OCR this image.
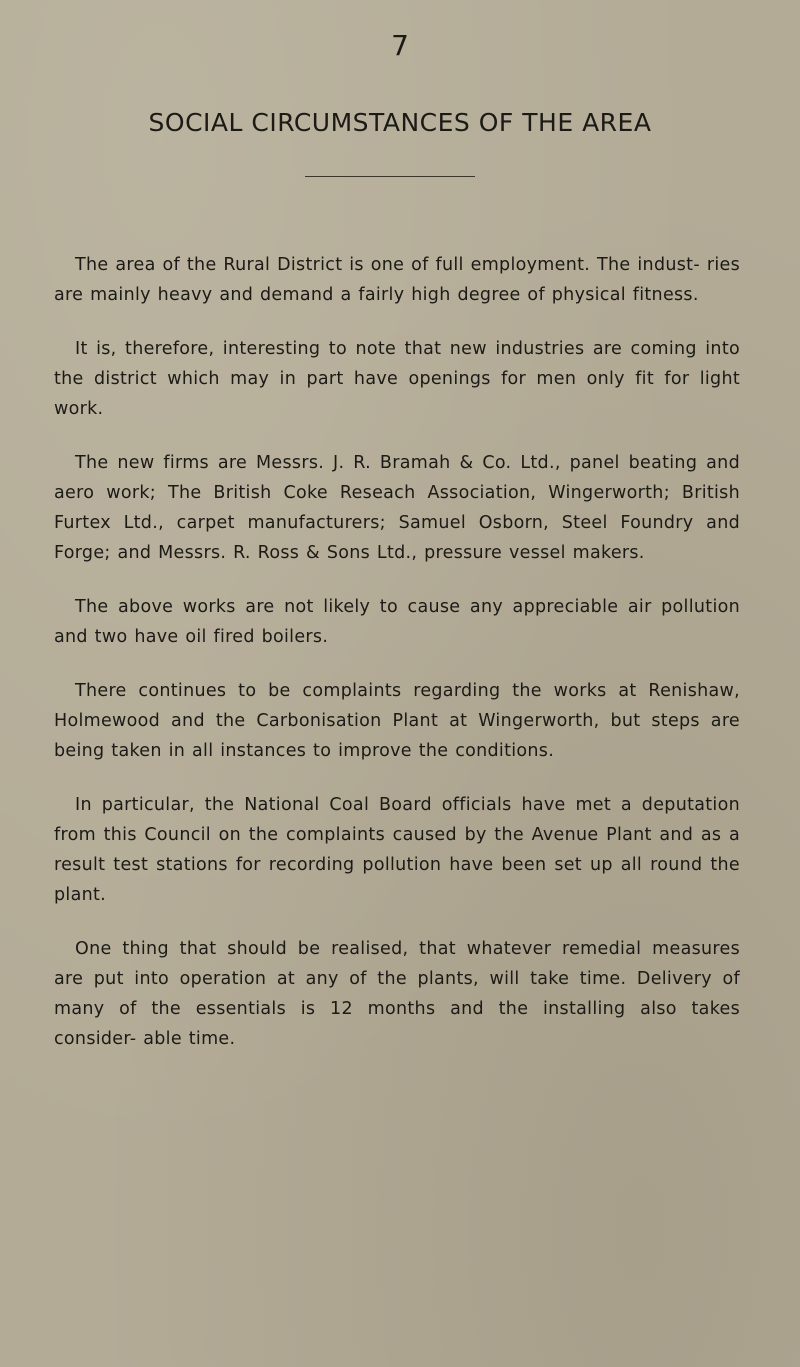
7
SOCIAL CIRCUMSTANCES OF THE AREA

The area of the Rural District is one of full employment. The indust- ries are mainly heavy and demand a fairly high degree of physical fitness.

It is, therefore, interesting to note that new industries are coming into the district which may in part have openings for men only fit for light work.

The new firms are Messrs. J. R. Bramah & Co. Ltd., panel beating and aero work; The British Coke Reseach Association, Wingerworth; British Furtex Ltd., carpet manufacturers; Samuel Osborn, Steel Foundry and Forge; and Messrs. R. Ross & Sons Ltd., pressure vessel makers.

The above works are not likely to cause any appreciable air pollution and two have oil fired boilers.

There continues to be complaints regarding the works at Renishaw, Holmewood and the Carbonisation Plant at Wingerworth, but steps are being taken in all instances to improve the conditions.

In particular, the National Coal Board officials have met a deputation from this Council on the complaints caused by the Avenue Plant and as a result test stations for recording pollution have been set up all round the plant.

One thing that should be realised, that whatever remedial measures are put into operation at any of the plants, will take time. Delivery of many of the essentials is 12 months and the installing also takes consider- able time.
